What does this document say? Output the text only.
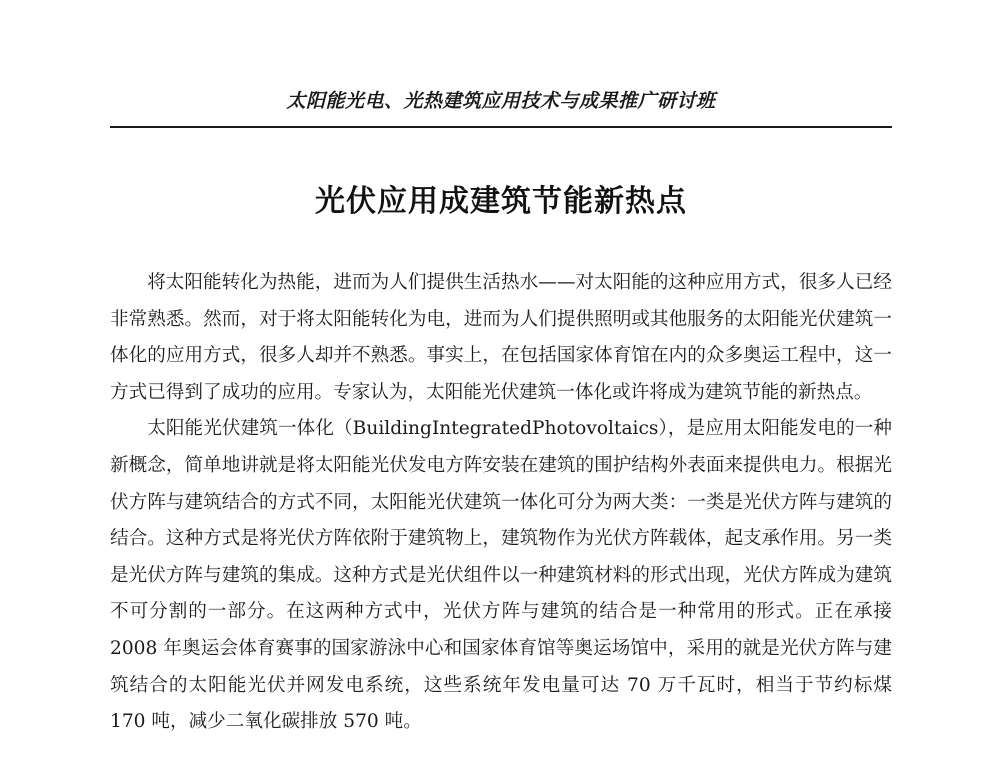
太阳能光电、光热建筑应用技术与成果推广研讨班
光伏应用成建筑节能新热点

将太阳能转化为热能，进而为人们提供生活热水——对太阳能的这种应用方式，很多人已经非常熟悉。然而，对于将太阳能转化为电，进而为人们提供照明或其他服务的太阳能光伏建筑一体化的应用方式，很多人却并不熟悉。事实上，在包括国家体育馆在内的众多奥运工程中，这一方式已得到了成功的应用。专家认为，太阳能光伏建筑一体化或许将成为建筑节能的新热点。

太阳能光伏建筑一体化（BuildingIntegratedPhotovoltaics），是应用太阳能发电的一种新概念，简单地讲就是将太阳能光伏发电方阵安装在建筑的围护结构外表面来提供电力。根据光伏方阵与建筑结合的方式不同，太阳能光伏建筑一体化可分为两大类：一类是光伏方阵与建筑的结合。这种方式是将光伏方阵依附于建筑物上，建筑物作为光伏方阵载体，起支承作用。另一类是光伏方阵与建筑的集成。这种方式是光伏组件以一种建筑材料的形式出现，光伏方阵成为建筑不可分割的一部分。在这两种方式中，光伏方阵与建筑的结合是一种常用的形式。正在承接 2008 年奥运会体育赛事的国家游泳中心和国家体育馆等奥运场馆中，采用的就是光伏方阵与建筑结合的太阳能光伏并网发电系统，这些系统年发电量可达 70 万千瓦时，相当于节约标煤 170 吨，减少二氧化碳排放 570 吨。
